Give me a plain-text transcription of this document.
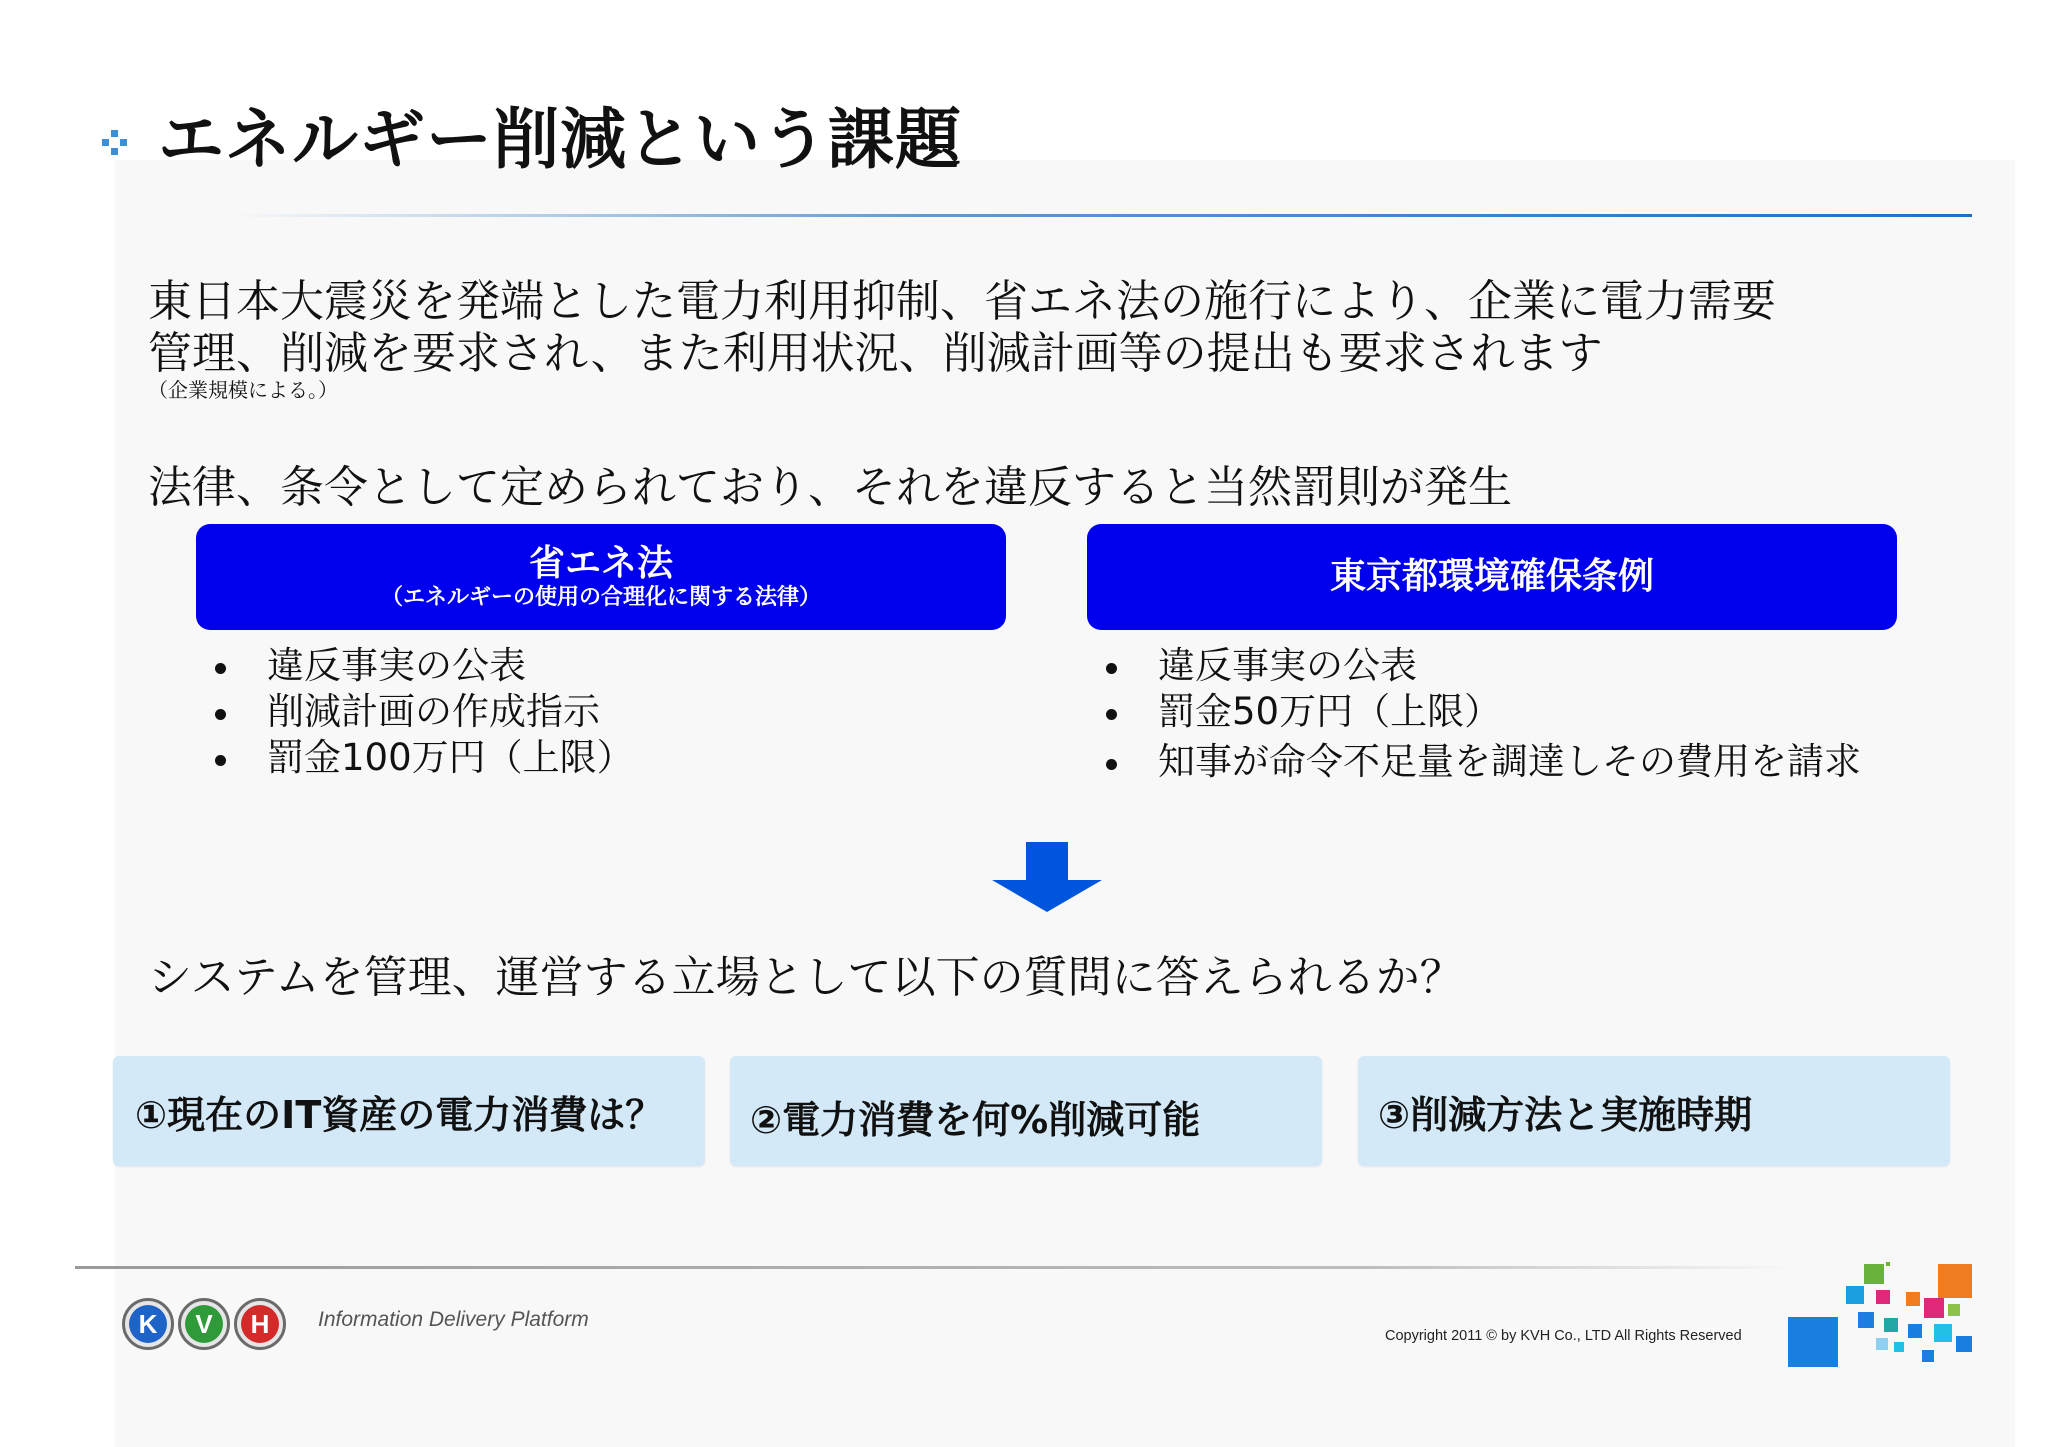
エネルギー削減という課題
東日本大震災を発端とした電力利用抑制、省エネ法の施行により、企業に電力需要
管理、削減を要求され、また利用状況、削減計画等の提出も要求されます
（企業規模による。）
法律、条令として定められており、それを違反すると当然罰則が発生
省エネ法
（エネルギーの使用の合理化に関する法律）
東京都環境確保条例
違反事実の公表
削減計画の作成指示
罰金100万円（上限）
違反事実の公表
罰金50万円（上限）
知事が命令不足量を調達しその費用を請求
システムを管理、運営する立場として以下の質問に答えられるか？
①現在のIT資産の電力消費は？	②電力消費を何%削減可能	③削減方法と実施時期
K	V	H	Information Delivery Platform
Copyright 2011 © by KVH Co., LTD All Rights Reserved
